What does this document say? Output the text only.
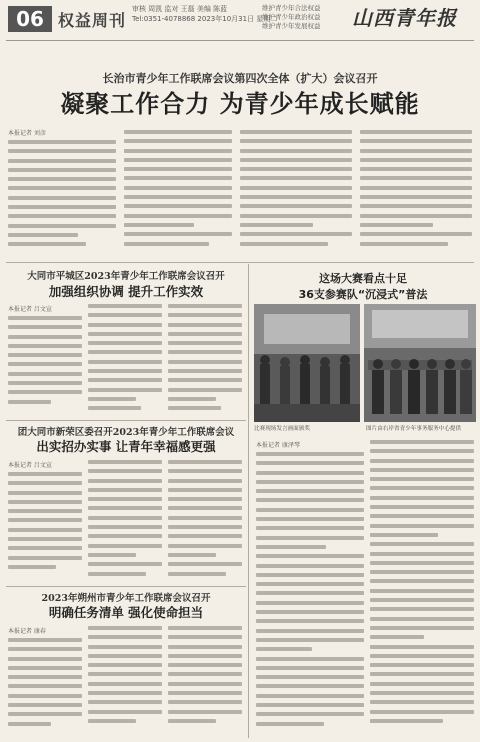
06 权益周刊
审核 周凯 监对 王磊 美编 陈蓝
Tel:0351-4078868 2023年10月31日 星期二
维护青少年合法权益
维护青少年政治权益
维护青少年发展权益 山西青年报
长治市青少年工作联席会议第四次全体（扩大）会议召开
凝聚工作合力 为青少年成长赋能
本报记者 刘彦
大同市平城区2023年青少年工作联席会议召开
加强组织协调 提升工作实效
本报记者 吕文宣
团大同市新荣区委召开2023年青少年工作联席会议
出实招办实事 让青年幸福感更强
本报记者 吕文宣
2023年朔州市青少年工作联席会议召开
明确任务清单 强化使命担当
本报记者 康春
这场大赛看点十足
36支参赛队“沉浸式”普法
比赛现场发言画面颁奖	图片由右岸省青少年事务服务中心提供
本报记者 康泽琴
